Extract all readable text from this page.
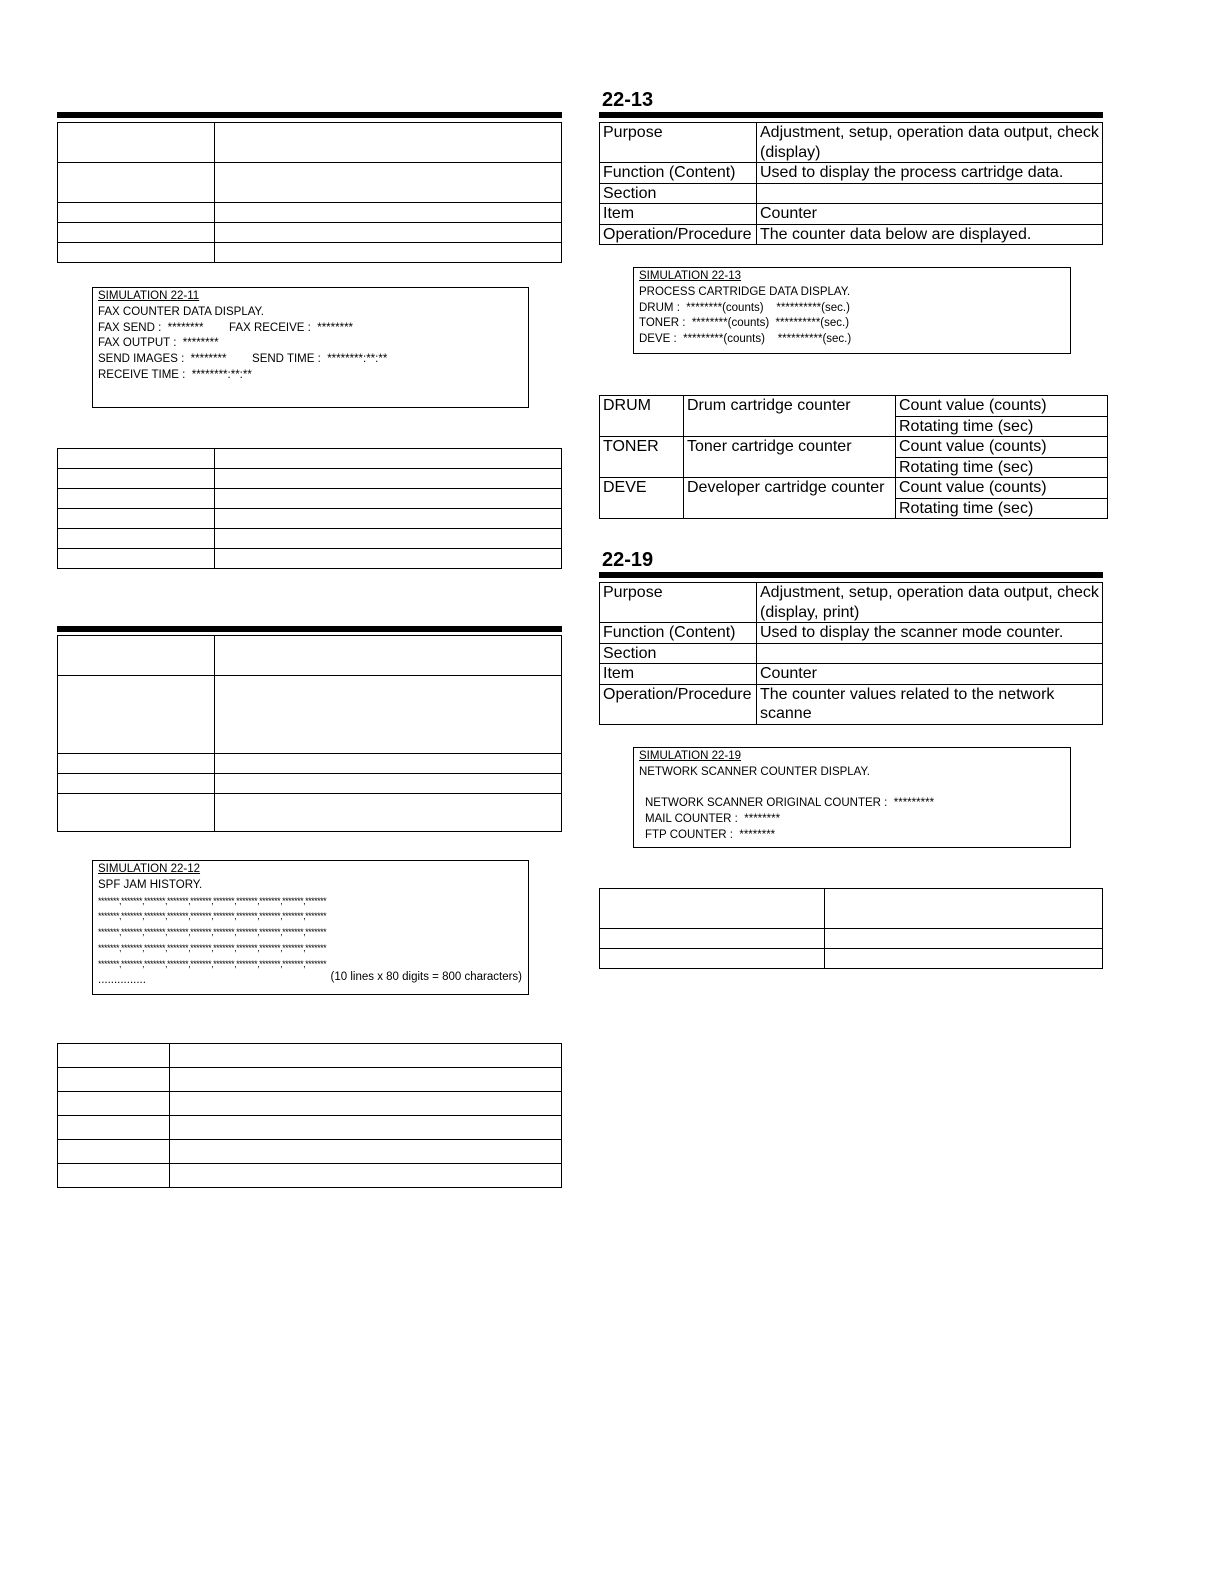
SIMULATION 22-11
FAX COUNTER DATA DISPLAY.
FAX SEND :  ********        FAX RECEIVE :  ********
FAX OUTPUT :  ********
SEND IMAGES :  ********        SEND TIME :  ********:**:**
RECEIVE TIME :  ********:**:**

SIMULATION 22-12
SPF JAM HISTORY.
*******,*******,*******,*******,*******,*******,*******,*******,*******,*******
*******,*******,*******,*******,*******,*******,*******,*******,*******,*******
*******,*******,*******,*******,*******,*******,*******,*******,*******,*******
*******,*******,*******,*******,*******,*******,*******,*******,*******,*******
*******,*******,*******,*******,*******,*******,*******,*******,*******,*******
...............	(10 lines x 80 digits = 800 characters)

22-13
Purpose	Adjustment, setup, operation data output, check
(display)
Function (Content)	Used to display the process cartridge data.
Section	
Item	Counter
Operation/Procedure	The counter data below are displayed.
SIMULATION 22-13
PROCESS CARTRIDGE DATA DISPLAY.
DRUM :  ********(counts)    **********(sec.)
TONER :  ********(counts)  **********(sec.)
DEVE :  *********(counts)    **********(sec.)
DRUM	Drum cartridge counter	Count value (counts)
		Rotating time (sec)
TONER	Toner cartridge counter	Count value (counts)
		Rotating time (sec)
DEVE	Developer cartridge counter	Count value (counts)
		Rotating time (sec)
22-19
Purpose	Adjustment, setup, operation data output, check
(display, print)
Function (Content)	Used to display the scanner mode counter.
Section	
Item	Counter
Operation/Procedure	The counter values related to the network
scanne
SIMULATION 22-19
NETWORK SCANNER COUNTER DISPLAY.
NETWORK SCANNER ORIGINAL COUNTER :  *********
MAIL COUNTER :  ********
FTP COUNTER :  ********
